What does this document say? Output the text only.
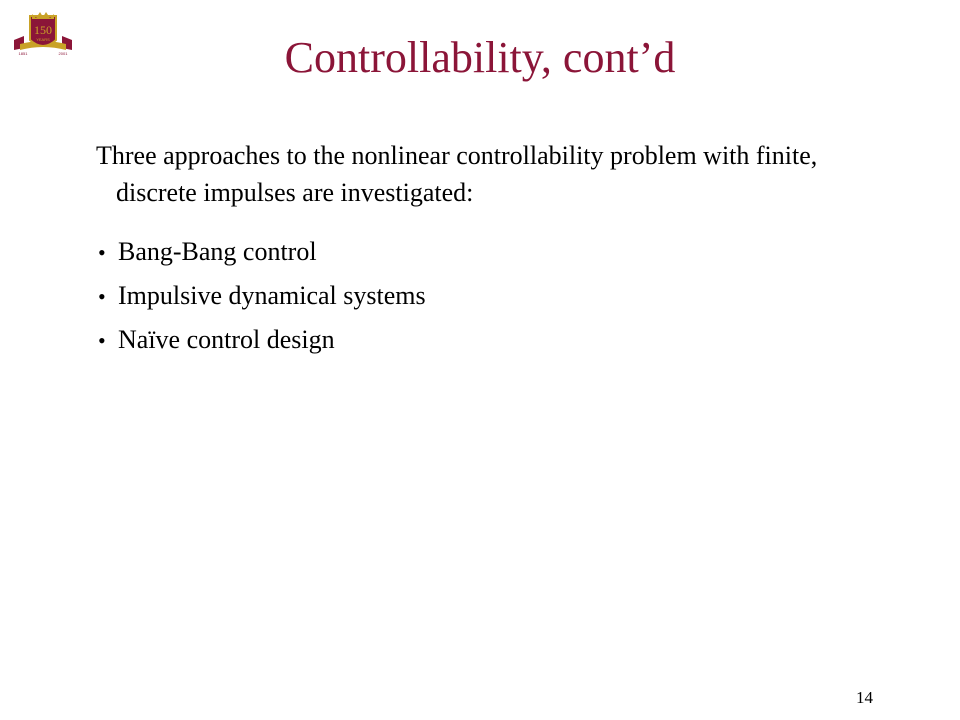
150
YEARS
1851	2001	Controllability, cont’d
Three approaches to the nonlinear controllability problem with finite, discrete impulses are investigated:
• Bang-Bang control
• Impulsive dynamical systems
• Naïve control design
14
